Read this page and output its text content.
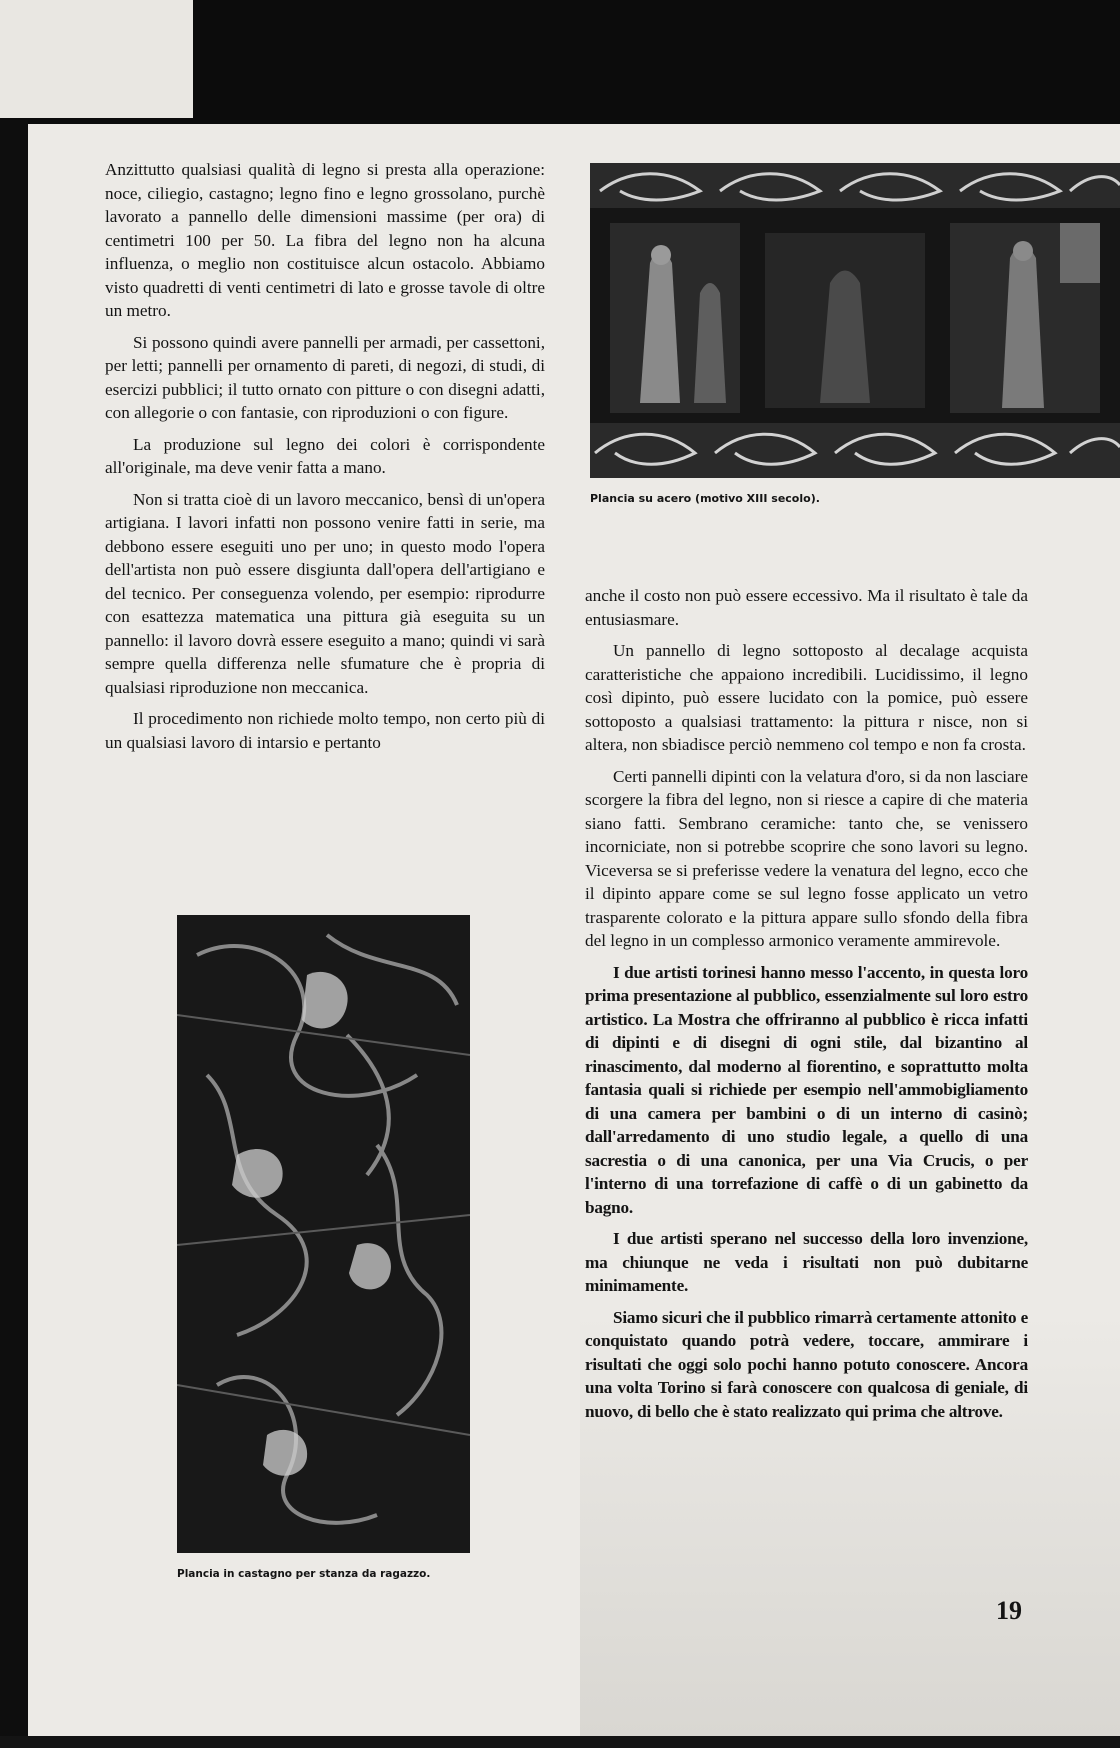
Anzittutto qualsiasi qualità di legno si presta alla operazione: noce, ciliegio, castagno; legno fino e legno grossolano, purchè lavorato a pannello delle dimensioni massime (per ora) di centimetri 100 per 50. La fibra del legno non ha alcuna influenza, o meglio non costituisce alcun ostacolo. Abbiamo visto quadretti di venti centimetri di lato e grosse tavole di oltre un metro.

Si possono quindi avere pannelli per armadi, per cassettoni, per letti; pannelli per ornamento di pareti, di negozi, di studi, di esercizi pubblici; il tutto ornato con pitture o con disegni adatti, con allegorie o con fantasie, con riproduzioni o con figure.

La produzione sul legno dei colori è corrispondente all'originale, ma deve venir fatta a mano.

Non si tratta cioè di un lavoro meccanico, bensì di un'opera artigiana. I lavori infatti non possono venire fatti in serie, ma debbono essere eseguiti uno per uno; in questo modo l'opera dell'artista non può essere disgiunta dall'opera dell'artigiano e del tecnico. Per conseguenza volendo, per esempio: riprodurre con esattezza matematica una pittura già eseguita su un pannello: il lavoro dovrà essere eseguito a mano; quindi vi sarà sempre quella differenza nelle sfumature che è propria di qualsiasi riproduzione non meccanica.

Il procedimento non richiede molto tempo, non certo più di un qualsiasi lavoro di intarsio e pertanto

Plancia su acero (motivo XIII secolo).

anche il costo non può essere eccessivo. Ma il risultato è tale da entusiasmare.

Un pannello di legno sottoposto al decalage acquista caratteristiche che appaiono incredibili. Lucidissimo, il legno così dipinto, può essere lucidato con la pomice, può essere sottoposto a qualsiasi trattamento: la pittura r nisce, non si altera, non sbiadisce perciò nemmeno col tempo e non fa crosta.

Certi pannelli dipinti con la velatura d'oro, si da non lasciare scorgere la fibra del legno, non si riesce a capire di che materia siano fatti. Sembrano ceramiche: tanto che, se venissero incorniciate, non si potrebbe scoprire che sono lavori su legno. Viceversa se si preferisse vedere la venatura del legno, ecco che il dipinto appare come se sul legno fosse applicato un vetro trasparente colorato e la pittura appare sullo sfondo della fibra del legno in un complesso armonico veramente ammirevole.

I due artisti torinesi hanno messo l'accento, in questa loro prima presentazione al pubblico, essenzialmente sul loro estro artistico. La Mostra che offriranno al pubblico è ricca infatti di dipinti e di disegni di ogni stile, dal bizantino al rinascimento, dal moderno al fiorentino, e soprattutto molta fantasia quali si richiede per esempio nell'ammobigliamento di una camera per bambini o di un interno di casinò; dall'arredamento di uno studio legale, a quello di una sacrestia o di una canonica, per una Via Crucis, o per l'interno di una torrefazione di caffè o di un gabinetto da bagno.

I due artisti sperano nel successo della loro invenzione, ma chiunque ne veda i risultati non può dubitarne minimamente.

Siamo sicuri che il pubblico rimarrà certamente attonito e conquistato quando potrà vedere, toccare, ammirare i risultati che oggi solo pochi hanno potuto conoscere. Ancora una volta Torino si farà conoscere con qualcosa di geniale, di nuovo, di bello che è stato realizzato qui prima che altrove.

Plancia in castagno per stanza da ragazzo.
19
